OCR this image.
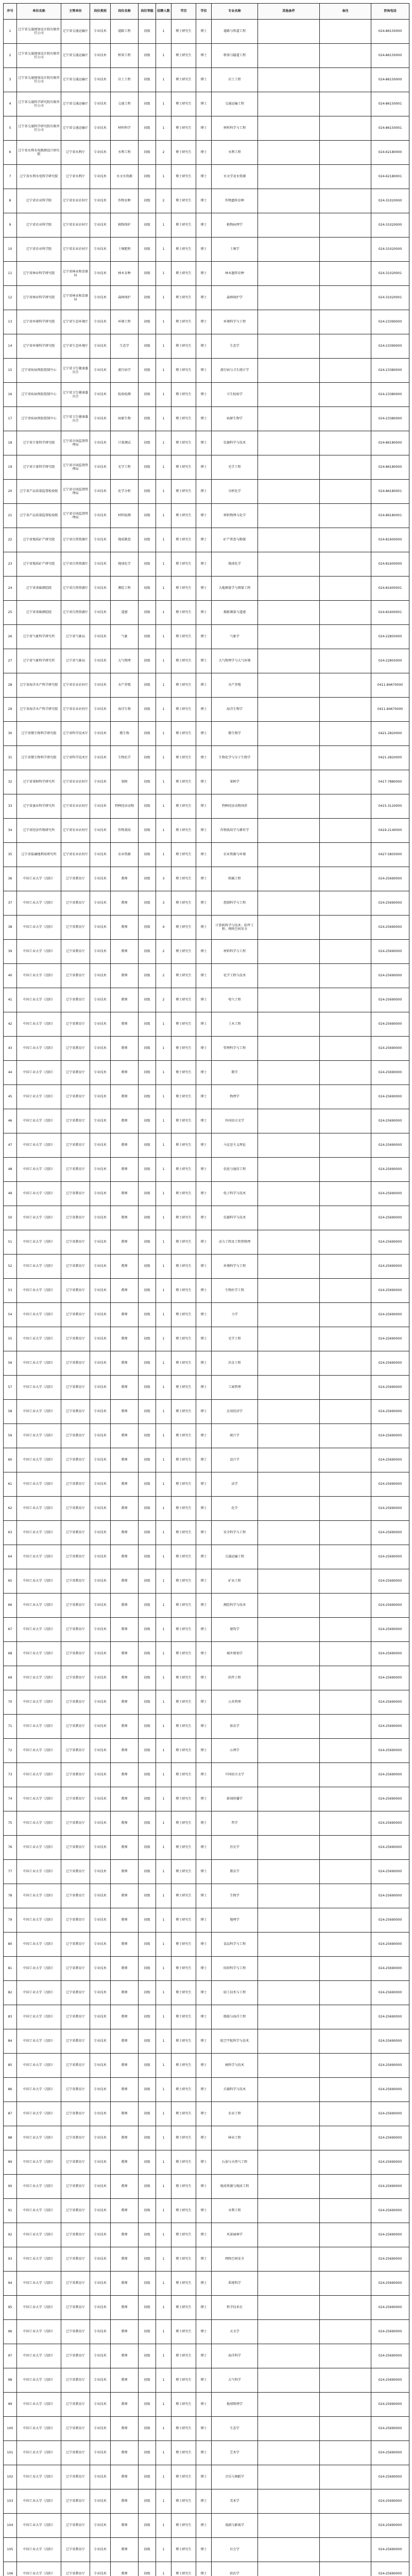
序号	单位名称	主管单位	岗位类别	岗位名称	岗位等级	招聘人数	学历	学位	专业名称	其他条件	备注	咨询电话
1	辽宁省交通规划设计院有限责任公司	辽宁省交通运输厅	专业技术	道路工程	初级	1	博士研究生	博士	道路与铁道工程			024-86150000
2	辽宁省交通规划设计院有限责任公司	辽宁省交通运输厅	专业技术	桥梁工程	初级	1	博士研究生	博士	桥梁与隧道工程			024-86150000
3	辽宁省交通规划设计院有限责任公司	辽宁省交通运输厅	专业技术	岩土工程	初级	1	博士研究生	博士	岩土工程			024-86150000
4	辽宁省交通科学研究院有限责任公司	辽宁省交通运输厅	专业技术	交通工程	初级	1	博士研究生	博士	交通运输工程			024-86150001
5	辽宁省交通科学研究院有限责任公司	辽宁省交通运输厅	专业技术	材料科学	初级	1	博士研究生	博士	材料科学与工程			024-86150001
6	辽宁省水利水电勘测设计研究院	辽宁省水利厅	专业技术	水利工程	初级	2	博士研究生	博士	水利工程			024-62180000
7	辽宁省水利水电科学研究院	辽宁省水利厅	专业技术	水文水资源	初级	1	博士研究生	博士	水文学及水资源			024-62180001
8	辽宁省农业科学院	辽宁省农业农村厅	专业技术	作物育种	初级	2	博士研究生	博士	作物遗传育种			024-31020000
9	辽宁省农业科学院	辽宁省农业农村厅	专业技术	植物保护	初级	1	博士研究生	博士	植物病理学			024-31020000
10	辽宁省农业科学院	辽宁省农业农村厅	专业技术	土壤肥料	初级	1	博士研究生	博士	土壤学			024-31020000
11	辽宁省林业科学研究院	辽宁省林业和草原局	专业技术	林木育种	初级	1	博士研究生	博士	林木遗传育种			024-31020001
12	辽宁省林业科学研究院	辽宁省林业和草原局	专业技术	森林保护	初级	1	博士研究生	博士	森林保护学			024-31020001
13	辽宁省环境科学研究院	辽宁省生态环境厅	专业技术	环境工程	初级	1	博士研究生	博士	环境科学与工程			024-23390000
14	辽宁省环境科学研究院	辽宁省生态环境厅	专业技术	生态学	初级	1	博士研究生	博士	生态学			024-23390000
15	辽宁省疾病预防控制中心	辽宁省卫生健康委员会	专业技术	流行病学	初级	1	博士研究生	博士	流行病与卫生统计学			024-23380000
16	辽宁省疾病预防控制中心	辽宁省卫生健康委员会	专业技术	检验检测	初级	1	博士研究生	博士	卫生检验学			024-23380000
17	辽宁省疾病预防控制中心	辽宁省卫生健康委员会	专业技术	病原生物	初级	1	博士研究生	博士	病原生物学			024-23380000
18	辽宁省计量科学研究院	辽宁省市场监督管理局	专业技术	计量测试	初级	1	博士研究生	博士	仪器科学与技术			024-86180000
19	辽宁省计量科学研究院	辽宁省市场监督管理局	专业技术	光学工程	初级	1	博士研究生	博士	光学工程			024-86180000
20	辽宁省产品质量监督检验院	辽宁省市场监督管理局	专业技术	化学分析	初级	1	博士研究生	博士	分析化学			024-86180001
21	辽宁省产品质量监督检验院	辽宁省市场监督管理局	专业技术	材料检测	初级	1	博士研究生	博士	材料物理与化学			024-86180001
22	辽宁省地质矿产研究院	辽宁省自然资源厅	专业技术	地质勘查	初级	1	博士研究生	博士	矿产普查与勘探			024-81600000
23	辽宁省地质矿产研究院	辽宁省自然资源厅	专业技术	地球化学	初级	1	博士研究生	博士	地球化学			024-81600000
24	辽宁省基础测绘院	辽宁省自然资源厅	专业技术	测绘工程	初级	1	博士研究生	博士	大地测量学与测量工程			024-81600001
25	辽宁省基础测绘院	辽宁省自然资源厅	专业技术	遥感	初级	1	博士研究生	博士	摄影测量与遥感			024-81600001
26	辽宁省气象科学研究所	辽宁省气象局	专业技术	气象	初级	1	博士研究生	博士	气象学			024-22850000
27	辽宁省气象科学研究所	辽宁省气象局	专业技术	大气物理	初级	1	博士研究生	博士	大气物理学与大气环境			024-22850000
28	辽宁省海洋水产科学研究院	辽宁省农业农村厅	专业技术	水产养殖	初级	1	博士研究生	博士	水产养殖			0411-84670000
29	辽宁省海洋水产科学研究院	辽宁省农业农村厅	专业技术	海洋生物	初级	1	博士研究生	博士	海洋生物学			0411-84670000
30	辽宁省微生物科学研究院	辽宁省科学技术厅	专业技术	微生物	初级	1	博士研究生	博士	微生物学			0421-2820000
31	辽宁省微生物科学研究院	辽宁省科学技术厅	专业技术	生物化学	初级	1	博士研究生	博士	生物化学与分子生物学			0421-2820000
32	辽宁省果树科学研究所	辽宁省农业农村厅	专业技术	果树	初级	1	博士研究生	博士	果树学			0417-7880000
33	辽宁省蚕业科学研究所	辽宁省农业农村厅	专业技术	特种经济动物	初级	1	博士研究生	博士	特种经济动物饲养			0415-3120000
34	辽宁省经济作物研究所	辽宁省农业农村厅	专业技术	作物栽培	初级	1	博士研究生	博士	作物栽培学与耕作学			0419-2140000
35	辽宁省盐碱地利用研究所	辽宁省农业农村厅	专业技术	农业资源	初级	1	博士研究生	博士	农业资源与环境			0427-5850000
36	中国工业大学（沈阳）	辽宁省教育厅	专业技术	教师	初级	3	博士研究生	博士	机械工程			024-25690000
37	中国工业大学（沈阳）	辽宁省教育厅	专业技术	教师	初级	3	博士研究生	博士	控制科学与工程			024-25690000
38	中国工业大学（沈阳）	辽宁省教育厅	专业技术	教师	初级	4	博士研究生	博士	计算机科学与技术；软件工程；网络空间安全			024-25690000
39	中国工业大学（沈阳）	辽宁省教育厅	专业技术	教师	初级	2	博士研究生	博士	材料科学与工程			024-25690000
40	中国工业大学（沈阳）	辽宁省教育厅	专业技术	教师	初级	2	博士研究生	博士	化学工程与技术			024-25690000
41	中国工业大学（沈阳）	辽宁省教育厅	专业技术	教师	初级	2	博士研究生	博士	电气工程			024-25690000
42	中国工业大学（沈阳）	辽宁省教育厅	专业技术	教师	初级	1	博士研究生	博士	土木工程			024-25690000
43	中国工业大学（沈阳）	辽宁省教育厅	专业技术	教师	初级	1	博士研究生	博士	管理科学与工程			024-25690000
44	中国工业大学（沈阳）	辽宁省教育厅	专业技术	教师	初级	1	博士研究生	博士	数学			024-25690000
45	中国工业大学（沈阳）	辽宁省教育厅	专业技术	教师	初级	1	博士研究生	博士	物理学			024-25690000
46	中国工业大学（沈阳）	辽宁省教育厅	专业技术	教师	初级	1	博士研究生	博士	外国语言文学			024-25690000
47	中国工业大学（沈阳）	辽宁省教育厅	专业技术	教师	初级	1	博士研究生	博士	马克思主义理论			024-25690000
48	中国工业大学（沈阳）	辽宁省教育厅	专业技术	教师	初级	1	博士研究生	博士	信息与通信工程			024-25690000
49	中国工业大学（沈阳）	辽宁省教育厅	专业技术	教师	初级	1	博士研究生	博士	电子科学与技术			024-25690000
50	中国工业大学（沈阳）	辽宁省教育厅	专业技术	教师	初级	1	博士研究生	博士	仪器科学与技术			024-25690000
51	中国工业大学（沈阳）	辽宁省教育厅	专业技术	教师	初级	1	博士研究生	博士	动力工程及工程热物理			024-25690000
52	中国工业大学（沈阳）	辽宁省教育厅	专业技术	教师	初级	1	博士研究生	博士	环境科学与工程			024-25690000
53	中国工业大学（沈阳）	辽宁省教育厅	专业技术	教师	初级	1	博士研究生	博士	生物医学工程			024-25690000
54	中国工业大学（沈阳）	辽宁省教育厅	专业技术	教师	初级	1	博士研究生	博士	力学			024-25690000
55	中国工业大学（沈阳）	辽宁省教育厅	专业技术	教师	初级	1	博士研究生	博士	光学工程			024-25690000
56	中国工业大学（沈阳）	辽宁省教育厅	专业技术	教师	初级	1	博士研究生	博士	冶金工程			024-25690000
57	中国工业大学（沈阳）	辽宁省教育厅	专业技术	教师	初级	1	博士研究生	博士	工商管理			024-25690000
58	中国工业大学（沈阳）	辽宁省教育厅	专业技术	教师	初级	1	博士研究生	博士	应用经济学			024-25690000
59	中国工业大学（沈阳）	辽宁省教育厅	专业技术	教师	初级	1	博士研究生	博士	统计学			024-25690000
60	中国工业大学（沈阳）	辽宁省教育厅	专业技术	教师	初级	1	博士研究生	博士	设计学			024-25690000
61	中国工业大学（沈阳）	辽宁省教育厅	专业技术	教师	初级	1	博士研究生	博士	法学			024-25690000
62	中国工业大学（沈阳）	辽宁省教育厅	专业技术	教师	初级	1	博士研究生	博士	化学			024-25690000
63	中国工业大学（沈阳）	辽宁省教育厅	专业技术	教师	初级	1	博士研究生	博士	安全科学与工程			024-25690000
64	中国工业大学（沈阳）	辽宁省教育厅	专业技术	教师	初级	1	博士研究生	博士	交通运输工程			024-25690000
65	中国工业大学（沈阳）	辽宁省教育厅	专业技术	教师	初级	1	博士研究生	博士	矿业工程			024-25690000
66	中国工业大学（沈阳）	辽宁省教育厅	专业技术	教师	初级	1	博士研究生	博士	测绘科学与技术			024-25690000
67	中国工业大学（沈阳）	辽宁省教育厅	专业技术	教师	初级	1	博士研究生	博士	建筑学			024-25690000
68	中国工业大学（沈阳）	辽宁省教育厅	专业技术	教师	初级	1	博士研究生	博士	城乡规划学			024-25690000
69	中国工业大学（沈阳）	辽宁省教育厅	专业技术	教师	初级	1	博士研究生	博士	软件工程			024-25690000
70	中国工业大学（沈阳）	辽宁省教育厅	专业技术	教师	初级	1	博士研究生	博士	公共管理			024-25690000
71	中国工业大学（沈阳）	辽宁省教育厅	专业技术	教师	初级	1	博士研究生	博士	体育学			024-25690000
72	中国工业大学（沈阳）	辽宁省教育厅	专业技术	教师	初级	1	博士研究生	博士	心理学			024-25690000
73	中国工业大学（沈阳）	辽宁省教育厅	专业技术	教师	初级	1	博士研究生	博士	中国语言文学			024-25690000
74	中国工业大学（沈阳）	辽宁省教育厅	专业技术	教师	初级	1	博士研究生	博士	新闻传播学			024-25690000
75	中国工业大学（沈阳）	辽宁省教育厅	专业技术	教师	初级	1	博士研究生	博士	哲学			024-25690000
76	中国工业大学（沈阳）	辽宁省教育厅	专业技术	教师	初级	1	博士研究生	博士	历史学			024-25690000
77	中国工业大学（沈阳）	辽宁省教育厅	专业技术	教师	初级	1	博士研究生	博士	教育学			024-25690000
78	中国工业大学（沈阳）	辽宁省教育厅	专业技术	教师	初级	1	博士研究生	博士	生物学			024-25690000
79	中国工业大学（沈阳）	辽宁省教育厅	专业技术	教师	初级	1	博士研究生	博士	地理学			024-25690000
80	中国工业大学（沈阳）	辽宁省教育厅	专业技术	教师	初级	1	博士研究生	博士	食品科学与工程			024-25690000
81	中国工业大学（沈阳）	辽宁省教育厅	专业技术	教师	初级	1	博士研究生	博士	纺织科学与工程			024-25690000
82	中国工业大学（沈阳）	辽宁省教育厅	专业技术	教师	初级	1	博士研究生	博士	轻工技术与工程			024-25690000
83	中国工业大学（沈阳）	辽宁省教育厅	专业技术	教师	初级	1	博士研究生	博士	船舶与海洋工程			024-25690000
84	中国工业大学（沈阳）	辽宁省教育厅	专业技术	教师	初级	1	博士研究生	博士	航空宇航科学与技术			024-25690000
85	中国工业大学（沈阳）	辽宁省教育厅	专业技术	教师	初级	1	博士研究生	博士	核科学与技术			024-25690000
86	中国工业大学（沈阳）	辽宁省教育厅	专业技术	教师	初级	1	博士研究生	博士	兵器科学与技术			024-25690000
87	中国工业大学（沈阳）	辽宁省教育厅	专业技术	教师	初级	1	博士研究生	博士	农业工程			024-25690000
88	中国工业大学（沈阳）	辽宁省教育厅	专业技术	教师	初级	1	博士研究生	博士	林业工程			024-25690000
89	中国工业大学（沈阳）	辽宁省教育厅	专业技术	教师	初级	1	博士研究生	博士	石油与天然气工程			024-25690000
90	中国工业大学（沈阳）	辽宁省教育厅	专业技术	教师	初级	1	博士研究生	博士	地质资源与地质工程			024-25690000
91	中国工业大学（沈阳）	辽宁省教育厅	专业技术	教师	初级	1	博士研究生	博士	水利工程			024-25690000
92	中国工业大学（沈阳）	辽宁省教育厅	专业技术	教师	初级	1	博士研究生	博士	风景园林学			024-25690000
93	中国工业大学（沈阳）	辽宁省教育厅	专业技术	教师	初级	1	博士研究生	博士	网络空间安全			024-25690000
94	中国工业大学（沈阳）	辽宁省教育厅	专业技术	教师	初级	1	博士研究生	博士	系统科学			024-25690000
95	中国工业大学（沈阳）	辽宁省教育厅	专业技术	教师	初级	1	博士研究生	博士	科学技术史			024-25690000
96	中国工业大学（沈阳）	辽宁省教育厅	专业技术	教师	初级	1	博士研究生	博士	天文学			024-25690000
97	中国工业大学（沈阳）	辽宁省教育厅	专业技术	教师	初级	1	博士研究生	博士	海洋科学			024-25690000
98	中国工业大学（沈阳）	辽宁省教育厅	专业技术	教师	初级	1	博士研究生	博士	大气科学			024-25690000
99	中国工业大学（沈阳）	辽宁省教育厅	专业技术	教师	初级	1	博士研究生	博士	地球物理学			024-25690000
100	中国工业大学（沈阳）	辽宁省教育厅	专业技术	教师	初级	1	博士研究生	博士	生态学			024-25690000
101	中国工业大学（沈阳）	辽宁省教育厅	专业技术	教师	初级	1	博士研究生	博士	艺术学			024-25690000
102	中国工业大学（沈阳）	辽宁省教育厅	专业技术	教师	初级	1	博士研究生	博士	音乐与舞蹈学			024-25690000
103	中国工业大学（沈阳）	辽宁省教育厅	专业技术	教师	初级	1	博士研究生	博士	美术学			024-25690000
104	中国工业大学（沈阳）	辽宁省教育厅	专业技术	教师	初级	1	博士研究生	博士	戏剧与影视学			024-25690000
105	中国工业大学（沈阳）	辽宁省教育厅	专业技术	教师	初级	1	博士研究生	博士	社会学			024-25690000
106	中国工业大学（沈阳）	辽宁省教育厅	专业技术	教师	初级	1	博士研究生	博士	政治学			024-25690000
